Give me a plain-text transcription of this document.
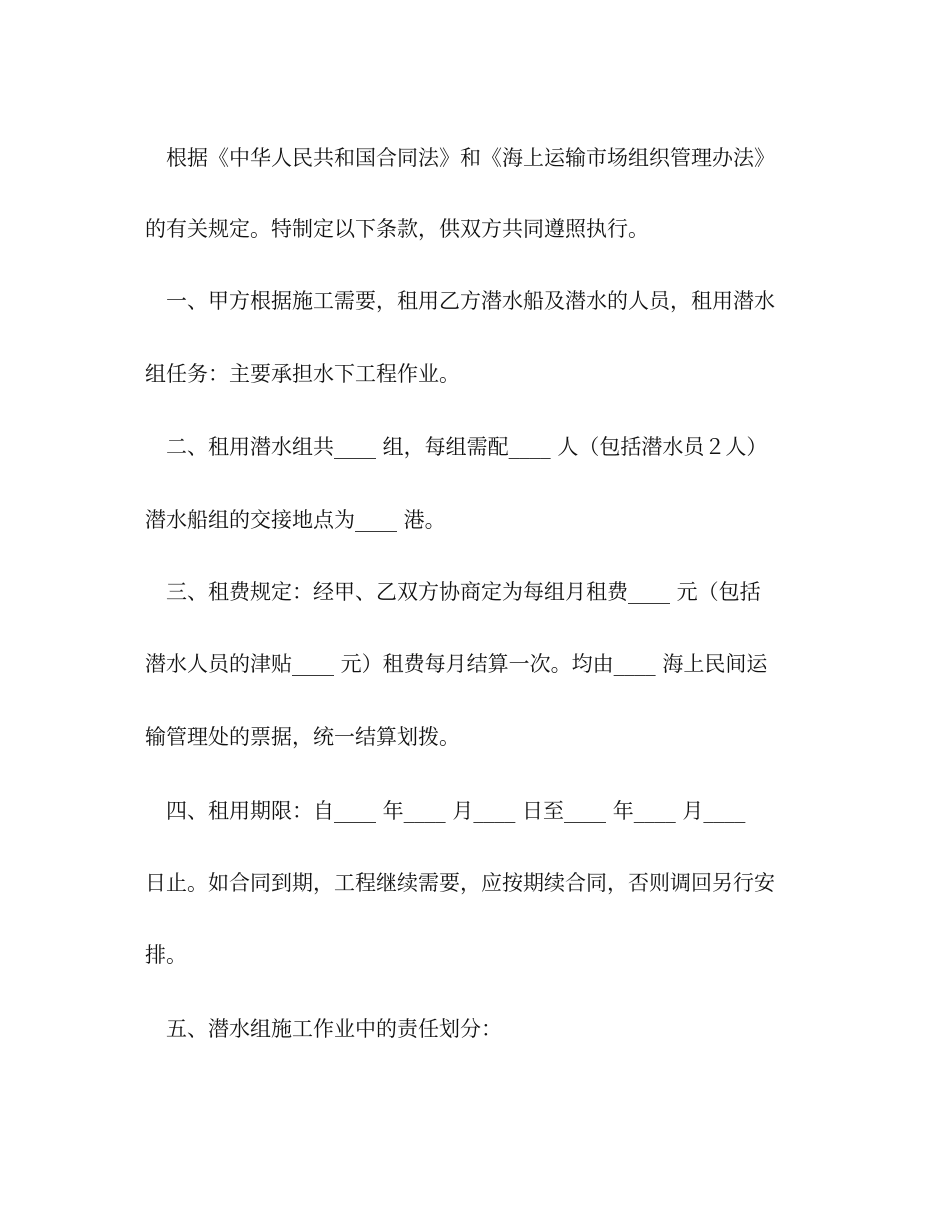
根据《中华人民共和国合同法》和《海上运输市场组织管理办法》

的有关规定。特制定以下条款，供双方共同遵照执行。

一、甲方根据施工需要，租用乙方潜水船及潜水的人员，租用潜水

组任务：主要承担水下工程作业。

二、租用潜水组共____ 组，每组需配____ 人（包括潜水员２人）

潜水船组的交接地点为____ 港。

三、租费规定：经甲、乙双方协商定为每组月租费____ 元（包括

潜水人员的津贴____ 元）租费每月结算一次。均由____ 海上民间运

输管理处的票据，统一结算划拨。

四、租用期限：自____ 年____ 月____ 日至____ 年____ 月____

日止。如合同到期，工程继续需要，应按期续合同，否则调回另行安

排。

五、潜水组施工作业中的责任划分：
